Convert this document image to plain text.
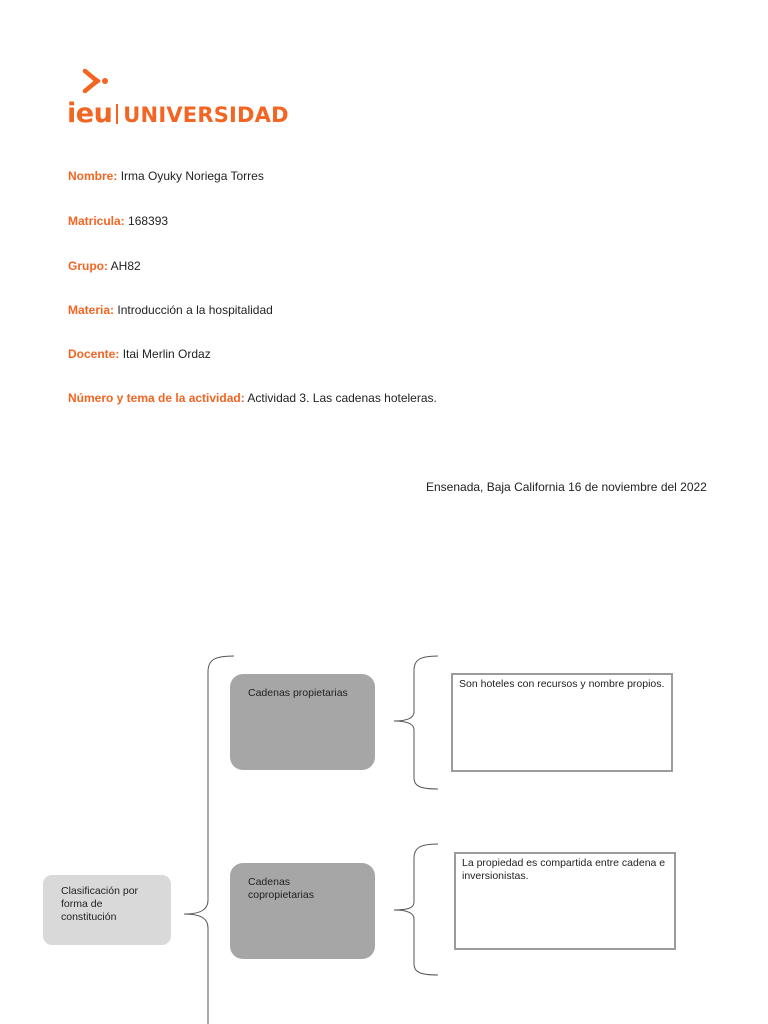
ieu UNIVERSIDAD
Nombre: Irma Oyuky Noriega Torres
Matricula: 168393
Grupo: AH82
Materia: Introducción a la hospitalidad
Docente: Itai Merlin Ordaz
Número y tema de la actividad: Actividad 3. Las cadenas hoteleras.
Ensenada, Baja California 16 de noviembre del 2022
Clasificación por forma de constitución
Cadenas propietarias
Son hoteles con recursos y nombre propios.
Cadenas copropietarias
La propiedad es compartida entre cadena e inversionistas.
